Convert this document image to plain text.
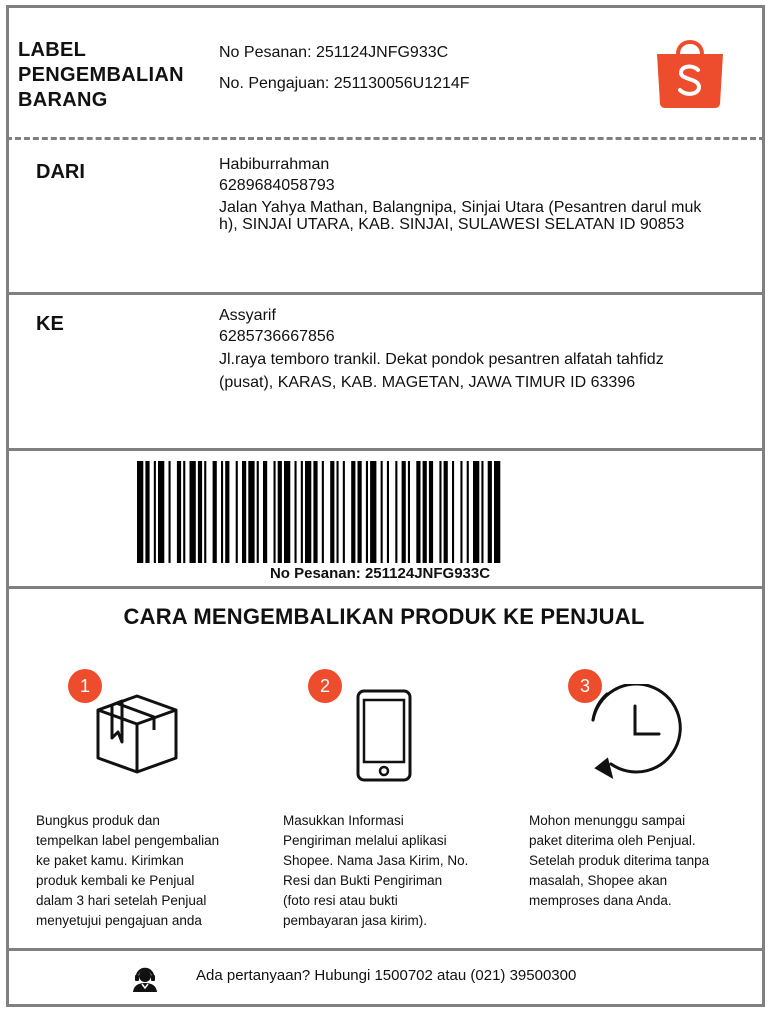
LABEL
PENGEMBALIAN
BARANG
No Pesanan: 251124JNFG933C
No. Pengajuan: 251130056U1214F
DARI	Habiburrahman
6289684058793
Jalan Yahya Mathan, Balangnipa, Sinjai Utara (Pesantren darul muk
h), SINJAI UTARA, KAB. SINJAI, SULAWESI SELATAN ID 90853
KE	Assyarif
6285736667856
Jl.raya temboro trankil. Dekat pondok pesantren alfatah tahfidz
(pusat), KARAS, KAB. MAGETAN, JAWA TIMUR ID 63396
No Pesanan: 251124JNFG933C
CARA MENGEMBALIKAN PRODUK KE PENJUAL
1	2	3
Bungkus produk dan
tempelkan label pengembalian
ke paket kamu. Kirimkan
produk kembali ke Penjual
dalam 3 hari setelah Penjual
menyetujui pengajuan anda
Masukkan Informasi
Pengiriman melalui aplikasi
Shopee. Nama Jasa Kirim, No.
Resi dan Bukti Pengiriman
(foto resi atau bukti
pembayaran jasa kirim).
Mohon menunggu sampai
paket diterima oleh Penjual.
Setelah produk diterima tanpa
masalah, Shopee akan
memproses dana Anda.
Ada pertanyaan? Hubungi 1500702 atau (021) 39500300
